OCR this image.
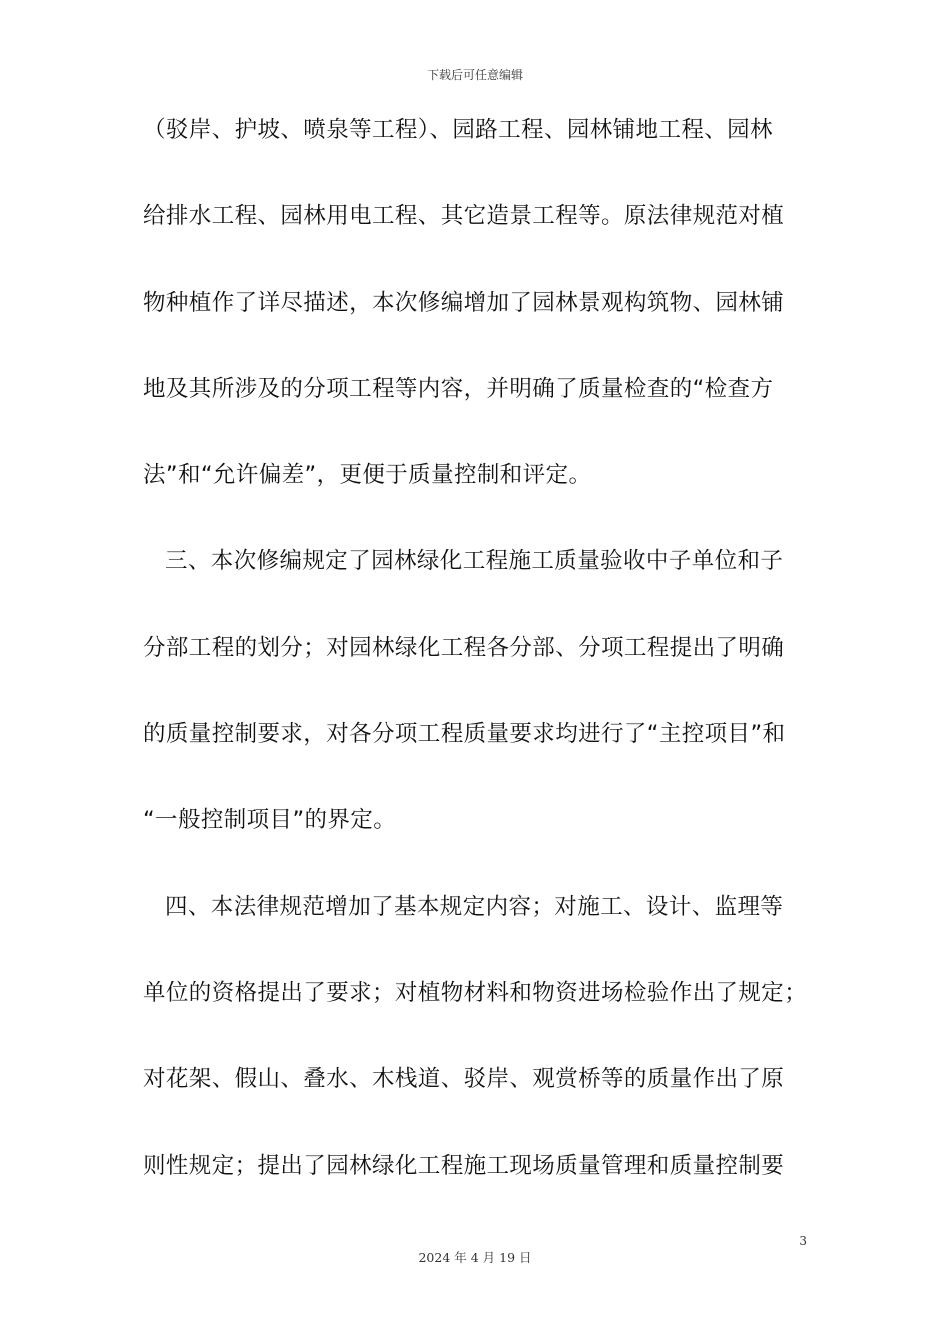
下载后可任意编辑
（驳岸、护坡、喷泉等工程）、园路工程、园林铺地工程、园林
给排水工程、园林用电工程、其它造景工程等。原法律规范对植
物种植作了详尽描述，本次修编增加了园林景观构筑物、园林铺
地及其所涉及的分项工程等内容，并明确了质量检查的“检查方
法”和“允许偏差”，更便于质量控制和评定。
三、本次修编规定了园林绿化工程施工质量验收中子单位和子
分部工程的划分；对园林绿化工程各分部、分项工程提出了明确
的质量控制要求，对各分项工程质量要求均进行了“主控项目”和
“一般控制项目”的界定。
四、本法律规范增加了基本规定内容；对施工、设计、监理等
单位的资格提出了要求；对植物材料和物资进场检验作出了规定；
对花架、假山、叠水、木栈道、驳岸、观赏桥等的质量作出了原
则性规定；提出了园林绿化工程施工现场质量管理和质量控制要
3
2024 年 4 月 19 日
